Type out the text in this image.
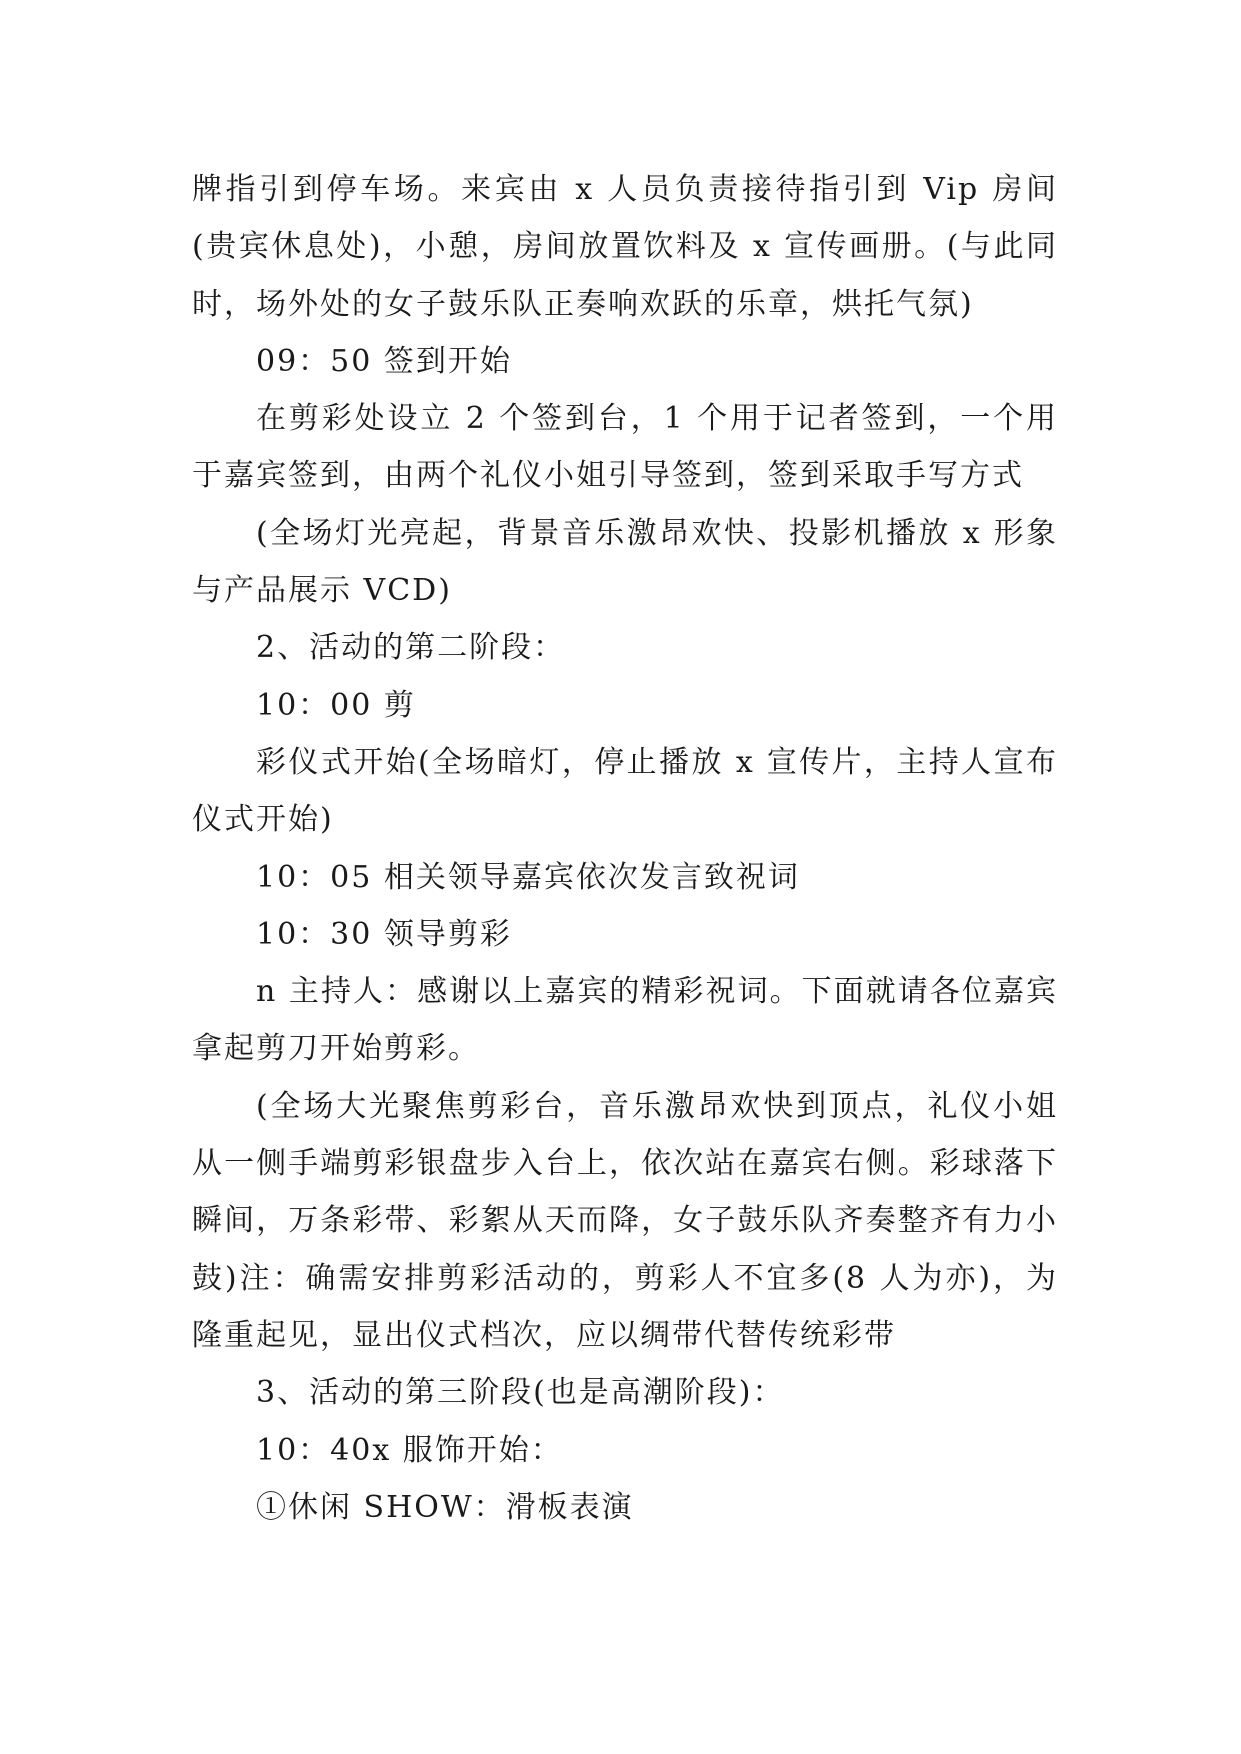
牌指引到停车场。来宾由 x 人员负责接待指引到 Vip 房间(贵宾休息处)，小憩，房间放置饮料及 x 宣传画册。(与此同时，场外处的女子鼓乐队正奏响欢跃的乐章，烘托气氛)

09：50 签到开始

在剪彩处设立 2 个签到台，1 个用于记者签到，一个用于嘉宾签到，由两个礼仪小姐引导签到，签到采取手写方式

(全场灯光亮起，背景音乐激昂欢快、投影机播放 x 形象与产品展示 VCD)

2、活动的第二阶段：

10：00 剪

彩仪式开始(全场暗灯，停止播放 x 宣传片，主持人宣布仪式开始)

10：05 相关领导嘉宾依次发言致祝词

10：30 领导剪彩

n 主持人：感谢以上嘉宾的精彩祝词。下面就请各位嘉宾拿起剪刀开始剪彩。

(全场大光聚焦剪彩台，音乐激昂欢快到顶点，礼仪小姐从一侧手端剪彩银盘步入台上，依次站在嘉宾右侧。彩球落下瞬间，万条彩带、彩絮从天而降，女子鼓乐队齐奏整齐有力小鼓)注：确需安排剪彩活动的，剪彩人不宜多(8 人为亦)，为隆重起见，显出仪式档次，应以绸带代替传统彩带

3、活动的第三阶段(也是高潮阶段)：

10：40x 服饰开始：

①休闲 SHOW：滑板表演
